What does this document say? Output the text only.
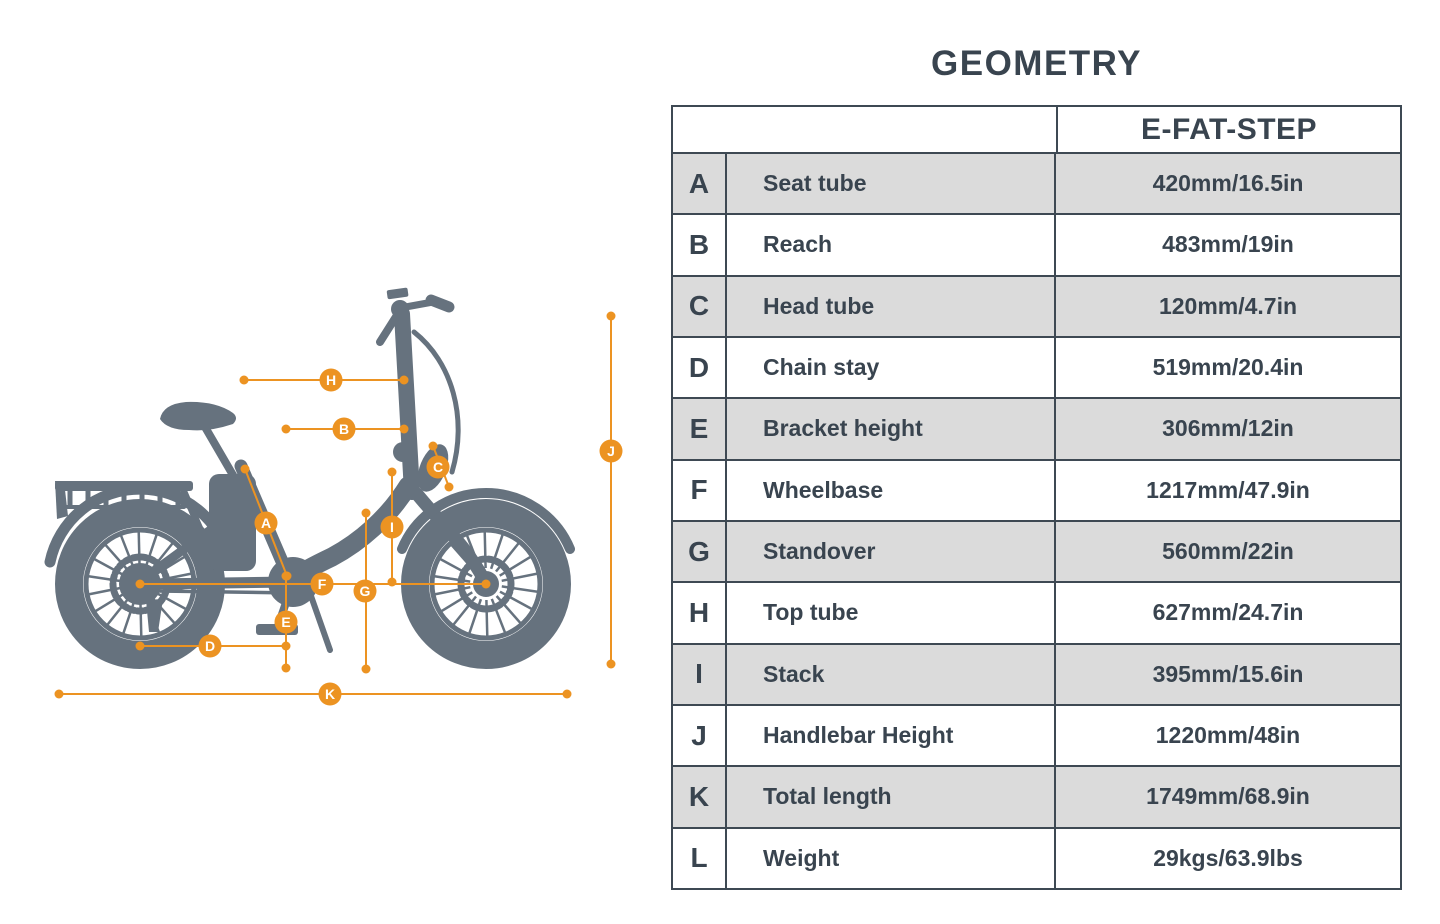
A
B
C
D
E
F G
H
I
J
K
GEOMETRY
E-FAT-STEP
A	Seat tube	420mm/16.5in
B	Reach	483mm/19in
C	Head tube	120mm/4.7in
D	Chain stay	519mm/20.4in
E	Bracket height	306mm/12in
F	Wheelbase	1217mm/47.9in
G	Standover	560mm/22in
H	Top tube	627mm/24.7in
I	Stack	395mm/15.6in
J	Handlebar Height	1220mm/48in
K	Total length	1749mm/68.9in
L	Weight	29kgs/63.9lbs
